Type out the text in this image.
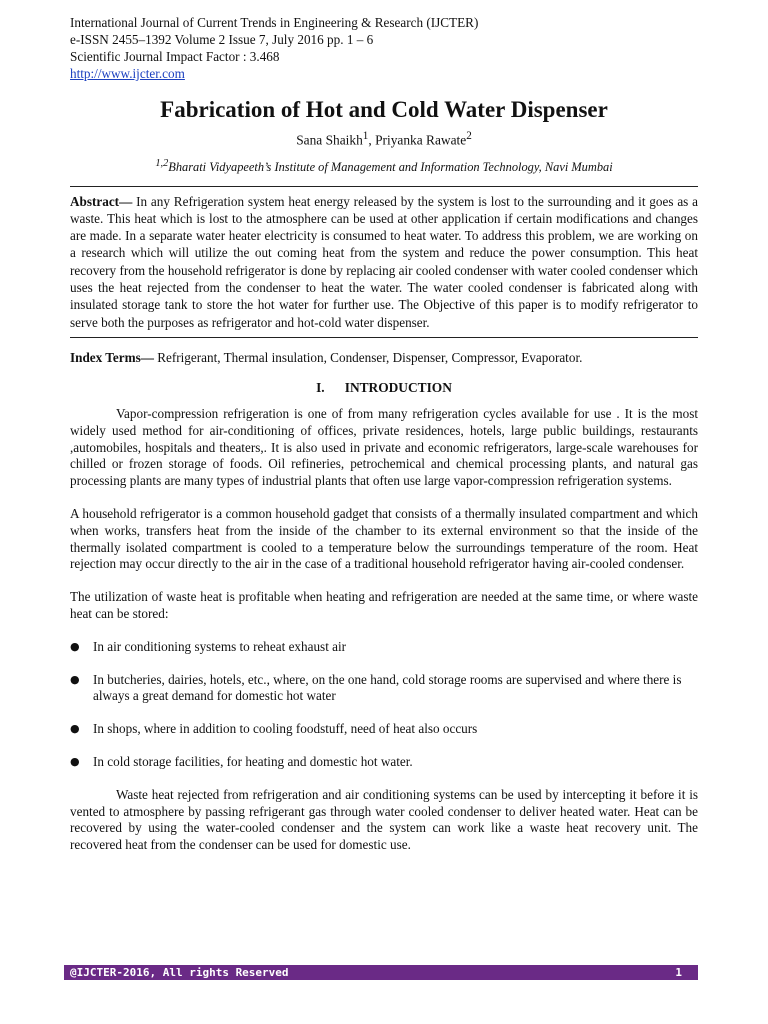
International Journal of Current Trends in Engineering & Research (IJCTER)
e-ISSN 2455–1392 Volume 2 Issue 7, July 2016 pp. 1 – 6
Scientific Journal Impact Factor : 3.468
http://www.ijcter.com
Fabrication of Hot and Cold Water Dispenser
Sana Shaikh$^1$, Priyanka Rawate$^2$
$^{1,2}$Bharati Vidyapeeth’s Institute of Management and Information Technology, Navi Mumbai
Abstract— In any Refrigeration system heat energy released by the system is lost to the surrounding and it goes as a waste. This heat which is lost to the atmosphere can be used at other application if certain modifications and changes are made. In a separate water heater electricity is consumed to heat water. To address this problem, we are working on a research which will utilize the out coming heat from the system and reduce the power consumption. This heat recovery from the household refrigerator is done by replacing air cooled condenser with water cooled condenser which uses the heat rejected from the condenser to heat the water. The water cooled condenser is fabricated along with insulated storage tank to store the hot water for further use. The Objective of this paper is to modify refrigerator to serve both the purposes as refrigerator and hot-cold water dispenser.
Index Terms— Refrigerant, Thermal insulation, Condenser, Dispenser, Compressor, Evaporator.
I.      INTRODUCTION

Vapor-compression refrigeration is one of from many refrigeration cycles available for use . It is the most widely used method for air-conditioning of offices, private residences, hotels, large public buildings, restaurants ,automobiles, hospitals and theaters,. It is also used in private and economic refrigerators, large-scale warehouses for chilled or frozen storage of foods. Oil refineries, petrochemical and chemical processing plants, and natural gas processing plants are many types of industrial plants that often use large vapor-compression refrigeration systems.

A household refrigerator is a common household gadget that consists of a thermally insulated compartment and which when works, transfers heat from the inside of the chamber to its external environment so that the inside of the thermally isolated compartment is cooled to a temperature below the surroundings temperature of the room. Heat rejection may occur directly to the air in the case of a traditional household refrigerator having air-cooled condenser.

The utilization of waste heat is profitable when heating and refrigeration are needed at the same time, or where waste heat can be stored:

●	In air conditioning systems to reheat exhaust air
●	In butcheries, dairies, hotels, etc., where, on the one hand, cold storage rooms are supervised and where there is always a great demand for domestic hot water
●	In shops, where in addition to cooling foodstuff, need of heat also occurs
●	In cold storage facilities, for heating and domestic hot water.

Waste heat rejected from refrigeration and air conditioning systems can be used by intercepting it before it is vented to atmosphere by passing refrigerant gas through water cooled condenser to deliver heated water. Heat can be recovered by using the water-cooled condenser and the system can work like a waste heat recovery unit. The recovered heat from the condenser can be used for domestic use.

@IJCTER-2016, All rights Reserved	1
